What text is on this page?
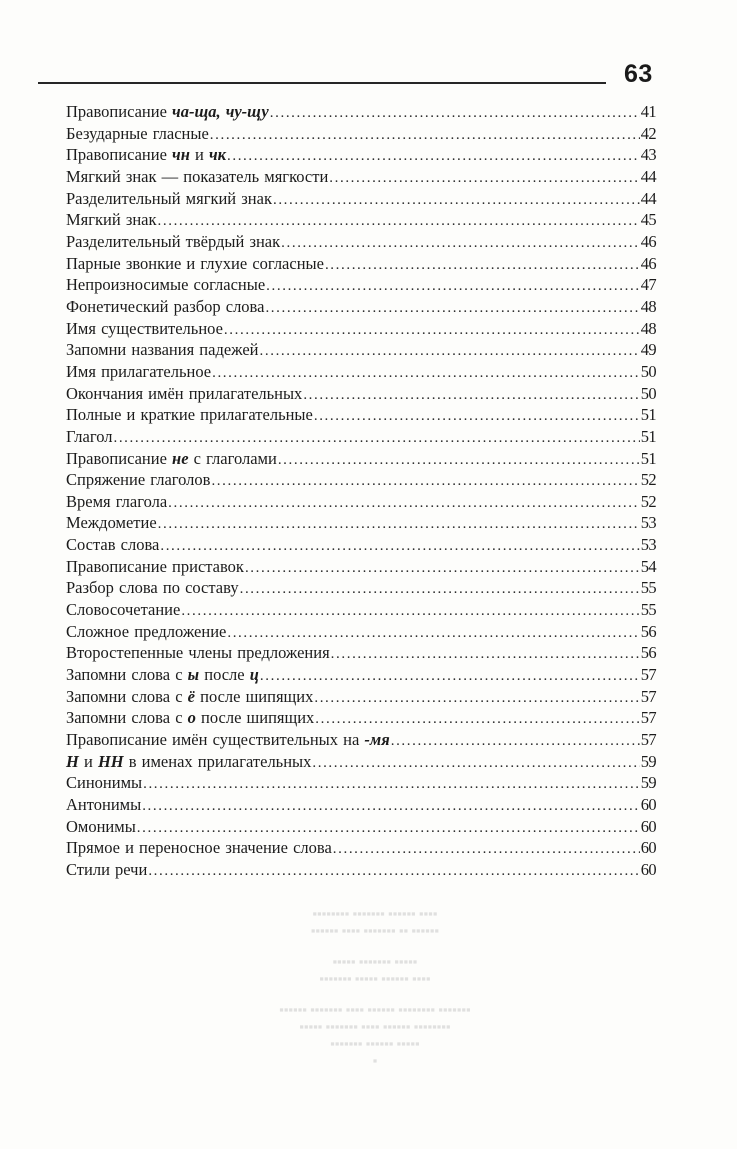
63
Правописание ча-ща, чу-щу .....	41
Безударные гласные .....	42
Правописание чн и чк .....	43
Мягкий знак — показатель мягкости .....	44
Разделительный мягкий знак .....	44
Мягкий знак .....	45
Разделительный твёрдый знак .....	46
Парные звонкие и глухие согласные .....	46
Непроизносимые согласные .....	47
Фонетический разбор слова .....	48
Имя существительное .....	48
Запомни названия падежей .....	49
Имя прилагательное .....	50
Окончания имён прилагательных .....	50
Полные и краткие прилагательные .....	51
Глагол .....	51
Правописание не с глаголами .....	51
Спряжение глаголов .....	52
Время глагола .....	52
Междометие .....	53
Состав слова .....	53
Правописание приставок .....	54
Разбор слова по составу .....	55
Словосочетание .....	55
Сложное предложение .....	56
Второстепенные члены предложения .....	56
Запомни слова с ы после ц .....	57
Запомни слова с ё после шипящих .....	57
Запомни слова с о после шипящих .....	57
Правописание имён существительных на -мя .....	57
Н и НН в именах прилагательных .....	59
Синонимы .....	59
Антонимы .....	60
Омонимы .....	60
Прямое и переносное значение слова .....	60
Стили речи .....	60
▪▪▪▪ ▪▪▪▪▪▪ ▪▪▪▪▪▪▪ ▪▪▪▪▪▪▪▪
▪▪▪▪▪▪ ▪▪ ▪▪▪▪▪▪▪ ▪▪▪▪ ▪▪▪▪▪▪
▪▪▪▪▪ ▪▪▪▪▪▪▪ ▪▪▪▪▪
▪▪▪▪ ▪▪▪▪▪▪ ▪▪▪▪▪ ▪▪▪▪▪▪▪
▪▪▪▪▪▪▪ ▪▪▪▪▪▪▪▪ ▪▪▪▪▪▪ ▪▪▪▪ ▪▪▪▪▪▪▪ ▪▪▪▪▪▪
▪▪▪▪▪▪▪▪ ▪▪▪▪▪▪ ▪▪▪▪ ▪▪▪▪▪▪▪ ▪▪▪▪▪
▪▪▪▪▪ ▪▪▪▪▪▪ ▪▪▪▪▪▪▪
▪
